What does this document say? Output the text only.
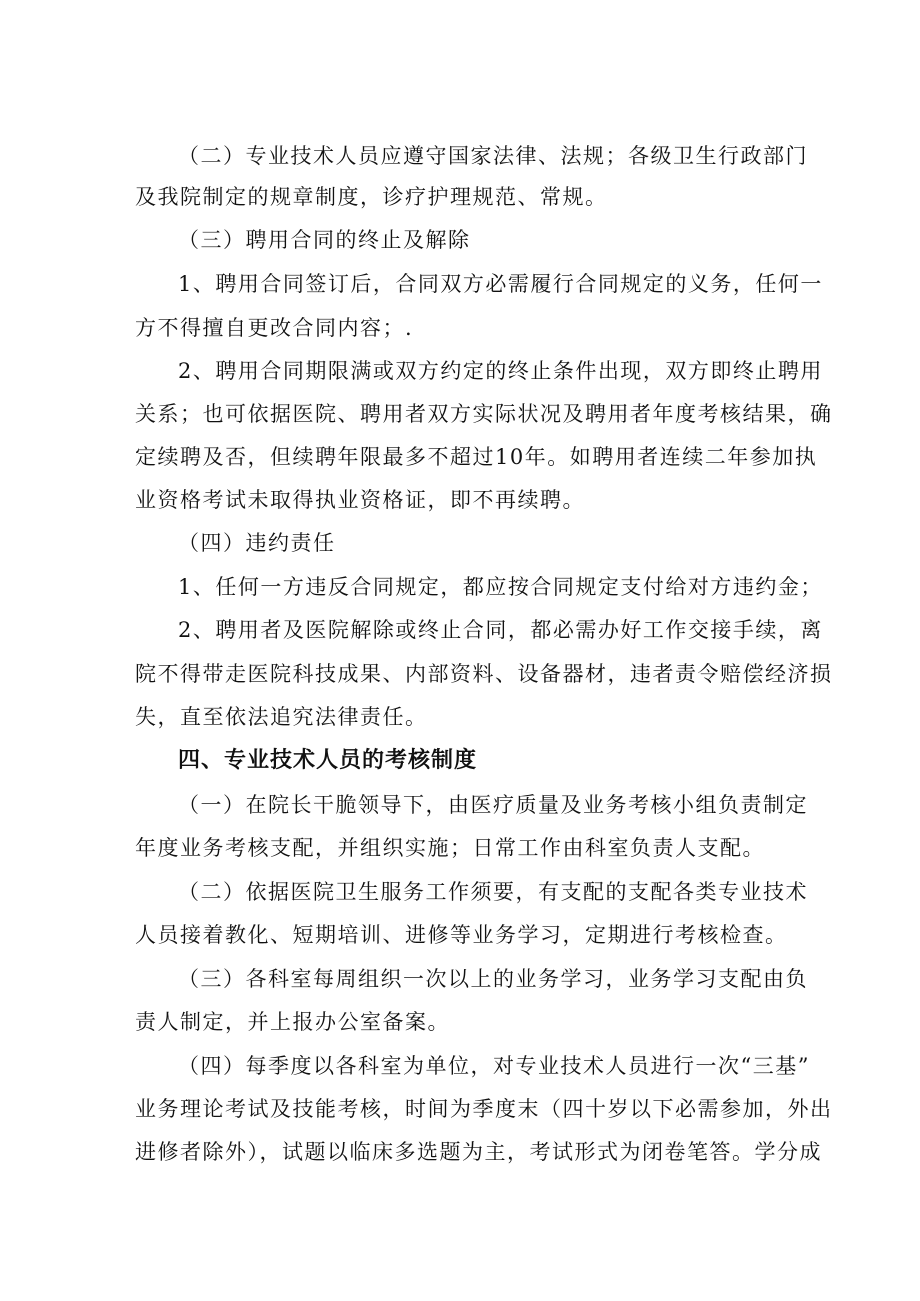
（二）专业技术人员应遵守国家法律、法规；各级卫生行政部门
及我院制定的规章制度，诊疗护理规范、常规。
（三）聘用合同的终止及解除
1、聘用合同签订后，合同双方必需履行合同规定的义务，任何一
方不得擅自更改合同内容；.
2、聘用合同期限满或双方约定的终止条件出现，双方即终止聘用
关系；也可依据医院、聘用者双方实际状况及聘用者年度考核结果，确
定续聘及否，但续聘年限最多不超过10年。如聘用者连续二年参加执
业资格考试未取得执业资格证，即不再续聘。
（四）违约责任
1、任何一方违反合同规定，都应按合同规定支付给对方违约金；
2、聘用者及医院解除或终止合同，都必需办好工作交接手续，离
院不得带走医院科技成果、内部资料、设备器材，违者责令赔偿经济损
失，直至依法追究法律责任。
四、专业技术人员的考核制度
（一）在院长干脆领导下，由医疗质量及业务考核小组负责制定
年度业务考核支配，并组织实施；日常工作由科室负责人支配。
（二）依据医院卫生服务工作须要，有支配的支配各类专业技术
人员接着教化、短期培训、进修等业务学习，定期进行考核检查。
（三）各科室每周组织一次以上的业务学习，业务学习支配由负
责人制定，并上报办公室备案。
（四）每季度以各科室为单位，对专业技术人员进行一次“三基”
业务理论考试及技能考核，时间为季度末（四十岁以下必需参加，外出
进修者除外），试题以临床多选题为主，考试形式为闭卷笔答。学分成
